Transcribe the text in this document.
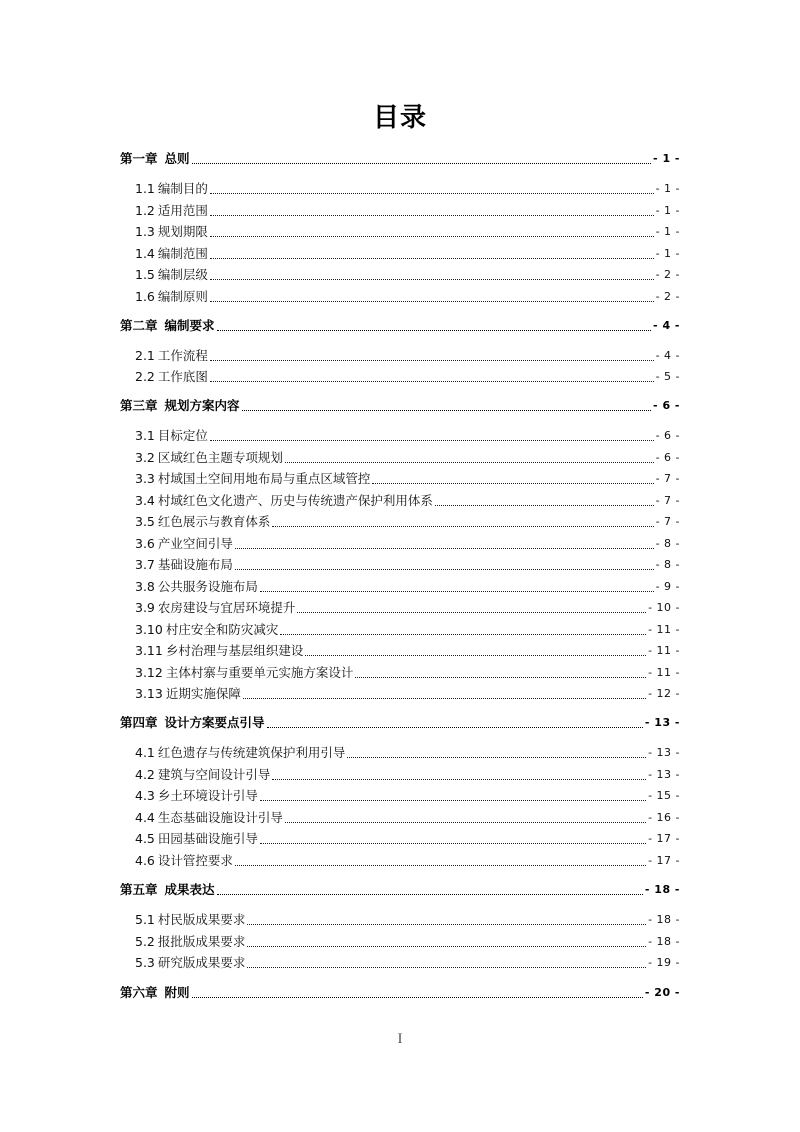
目录
第一章 总则	- 1 -
1.1 编制目的	- 1 -
1.2 适用范围	- 1 -
1.3 规划期限	- 1 -
1.4 编制范围	- 1 -
1.5 编制层级	- 2 -
1.6 编制原则	- 2 -
第二章 编制要求	- 4 -
2.1 工作流程	- 4 -
2.2 工作底图	- 5 -
第三章 规划方案内容	- 6 -
3.1 目标定位	- 6 -
3.2 区域红色主题专项规划	- 6 -
3.3 村域国土空间用地布局与重点区域管控	- 7 -
3.4 村域红色文化遗产、历史与传统遗产保护利用体系	- 7 -
3.5 红色展示与教育体系	- 7 -
3.6 产业空间引导	- 8 -
3.7 基础设施布局	- 8 -
3.8 公共服务设施布局	- 9 -
3.9 农房建设与宜居环境提升	- 10 -
3.10 村庄安全和防灾减灾	- 11 -
3.11 乡村治理与基层组织建设	- 11 -
3.12 主体村寨与重要单元实施方案设计	- 11 -
3.13 近期实施保障	- 12 -
第四章 设计方案要点引导	- 13 -
4.1 红色遗存与传统建筑保护利用引导	- 13 -
4.2 建筑与空间设计引导	- 13 -
4.3 乡土环境设计引导	- 15 -
4.4 生态基础设施设计引导	- 16 -
4.5 田园基础设施引导	- 17 -
4.6 设计管控要求	- 17 -
第五章 成果表达	- 18 -
5.1 村民版成果要求	- 18 -
5.2 报批版成果要求	- 18 -
5.3 研究版成果要求	- 19 -
第六章 附则	- 20 -
I
